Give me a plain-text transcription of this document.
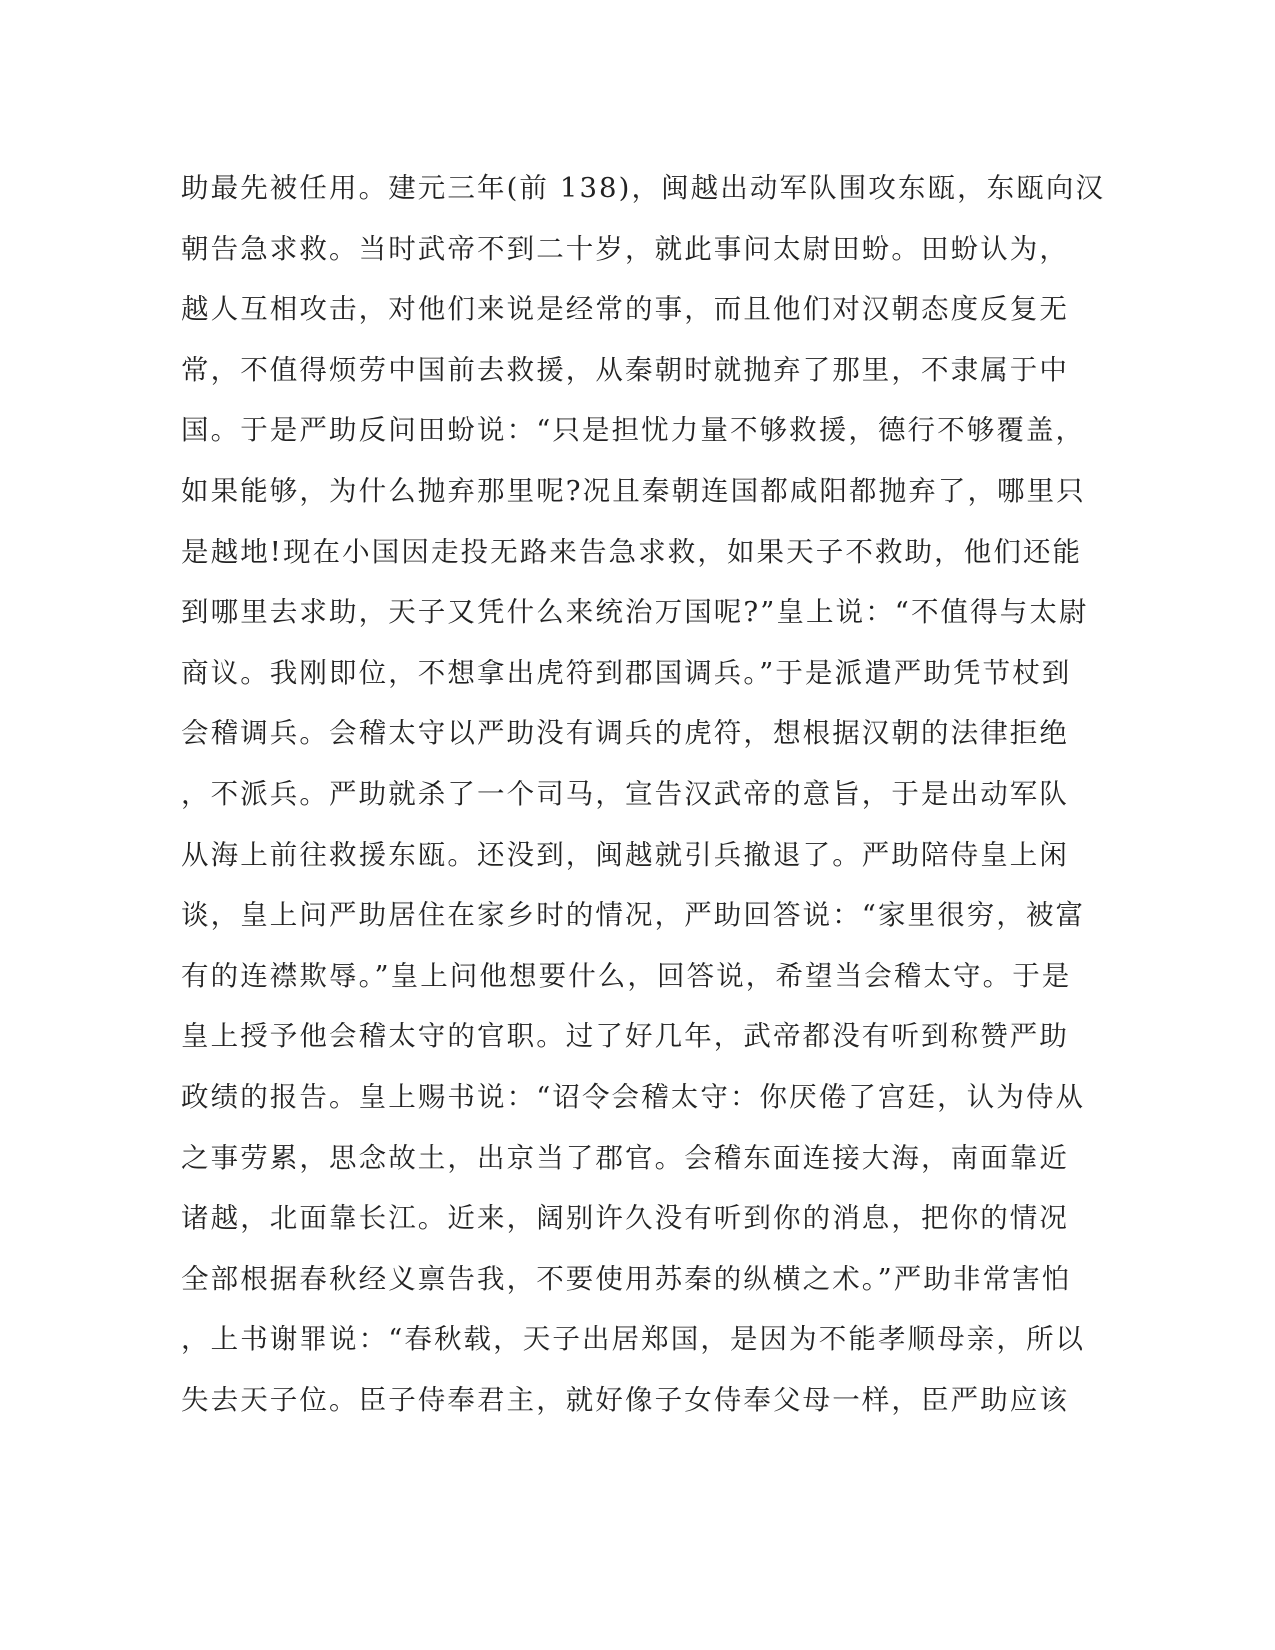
助最先被任用。建元三年(前 138)，闽越出动军队围攻东瓯，东瓯向汉
朝告急求救。当时武帝不到二十岁，就此事问太尉田蚡。田蚡认为，
越人互相攻击，对他们来说是经常的事，而且他们对汉朝态度反复无
常，不值得烦劳中国前去救援，从秦朝时就抛弃了那里，不隶属于中
国。于是严助反问田蚡说：“只是担忧力量不够救援，德行不够覆盖，
如果能够，为什么抛弃那里呢?况且秦朝连国都咸阳都抛弃了，哪里只
是越地!现在小国因走投无路来告急求救，如果天子不救助，他们还能
到哪里去求助，天子又凭什么来统治万国呢?”皇上说：“不值得与太尉
商议。我刚即位，不想拿出虎符到郡国调兵。”于是派遣严助凭节杖到
会稽调兵。会稽太守以严助没有调兵的虎符，想根据汉朝的法律拒绝
，不派兵。严助就杀了一个司马，宣告汉武帝的意旨，于是出动军队
从海上前往救援东瓯。还没到，闽越就引兵撤退了。严助陪侍皇上闲
谈，皇上问严助居住在家乡时的情况，严助回答说：“家里很穷，被富
有的连襟欺辱。”皇上问他想要什么，回答说，希望当会稽太守。于是
皇上授予他会稽太守的官职。过了好几年，武帝都没有听到称赞严助
政绩的报告。皇上赐书说：“诏令会稽太守：你厌倦了宫廷，认为侍从
之事劳累，思念故土，出京当了郡官。会稽东面连接大海，南面靠近
诸越，北面靠长江。近来，阔别许久没有听到你的消息，把你的情况
全部根据春秋经义禀告我，不要使用苏秦的纵横之术。”严助非常害怕
，上书谢罪说：“春秋载，天子出居郑国，是因为不能孝顺母亲，所以
失去天子位。臣子侍奉君主，就好像子女侍奉父母一样，臣严助应该
